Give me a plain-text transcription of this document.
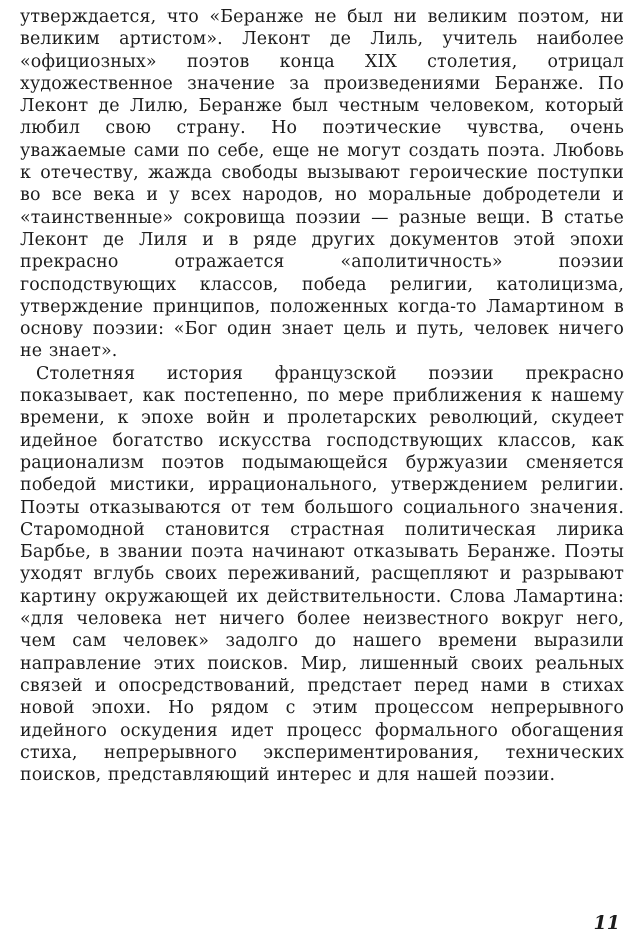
утверждается, что «Беранже не был ни великим поэтом, ни великим артистом». Леконт де Лиль, учитель наиболее «официозных» поэтов конца XIX столетия, отрицал художественное значение за произведениями Беранже. По Леконт де Лилю, Беранже был честным человеком, который любил свою страну. Но поэтические чувства, очень уважаемые сами по себе, еще не могут создать поэта. Любовь к отечеству, жажда свободы вызывают героические поступки во все века и у всех народов, но моральные добродетели и «таинственные» сокровища поэзии — разные вещи. В статье Леконт де Лиля и в ряде других документов этой эпохи прекрасно отражается «аполитичность» поэзии господствующих классов, победа религии, католицизма, утверждение принципов, положенных когда-то Ламартином в основу поэзии: «Бог один знает цель и путь, человек ничего не знает».

Столетняя история французской поэзии прекрасно показывает, как постепенно, по мере приближения к нашему времени, к эпохе войн и пролетарских революций, скудеет идейное богатство искусства господствующих классов, как рационализм поэтов подымающейся буржуазии сменяется победой мистики, иррационального, утверждением религии. Поэты отказываются от тем большого социального значения. Старомодной становится страстная политическая лирика Барбье, в звании поэта начинают отказывать Беранже. Поэты уходят вглубь своих переживаний, расщепляют и разрывают картину окружающей их действительности. Слова Ламартина: «для человека нет ничего более неизвестного вокруг него, чем сам человек» задолго до нашего времени выразили направление этих поисков. Мир, лишенный своих реальных связей и опосредствований, предстает перед нами в стихах новой эпохи. Но рядом с этим процессом непрерывного идейного оскудения идет процесс формального обогащения стиха, непрерывного экспериментирования, технических поисков, представляющий интерес и для нашей поэзии.

11
